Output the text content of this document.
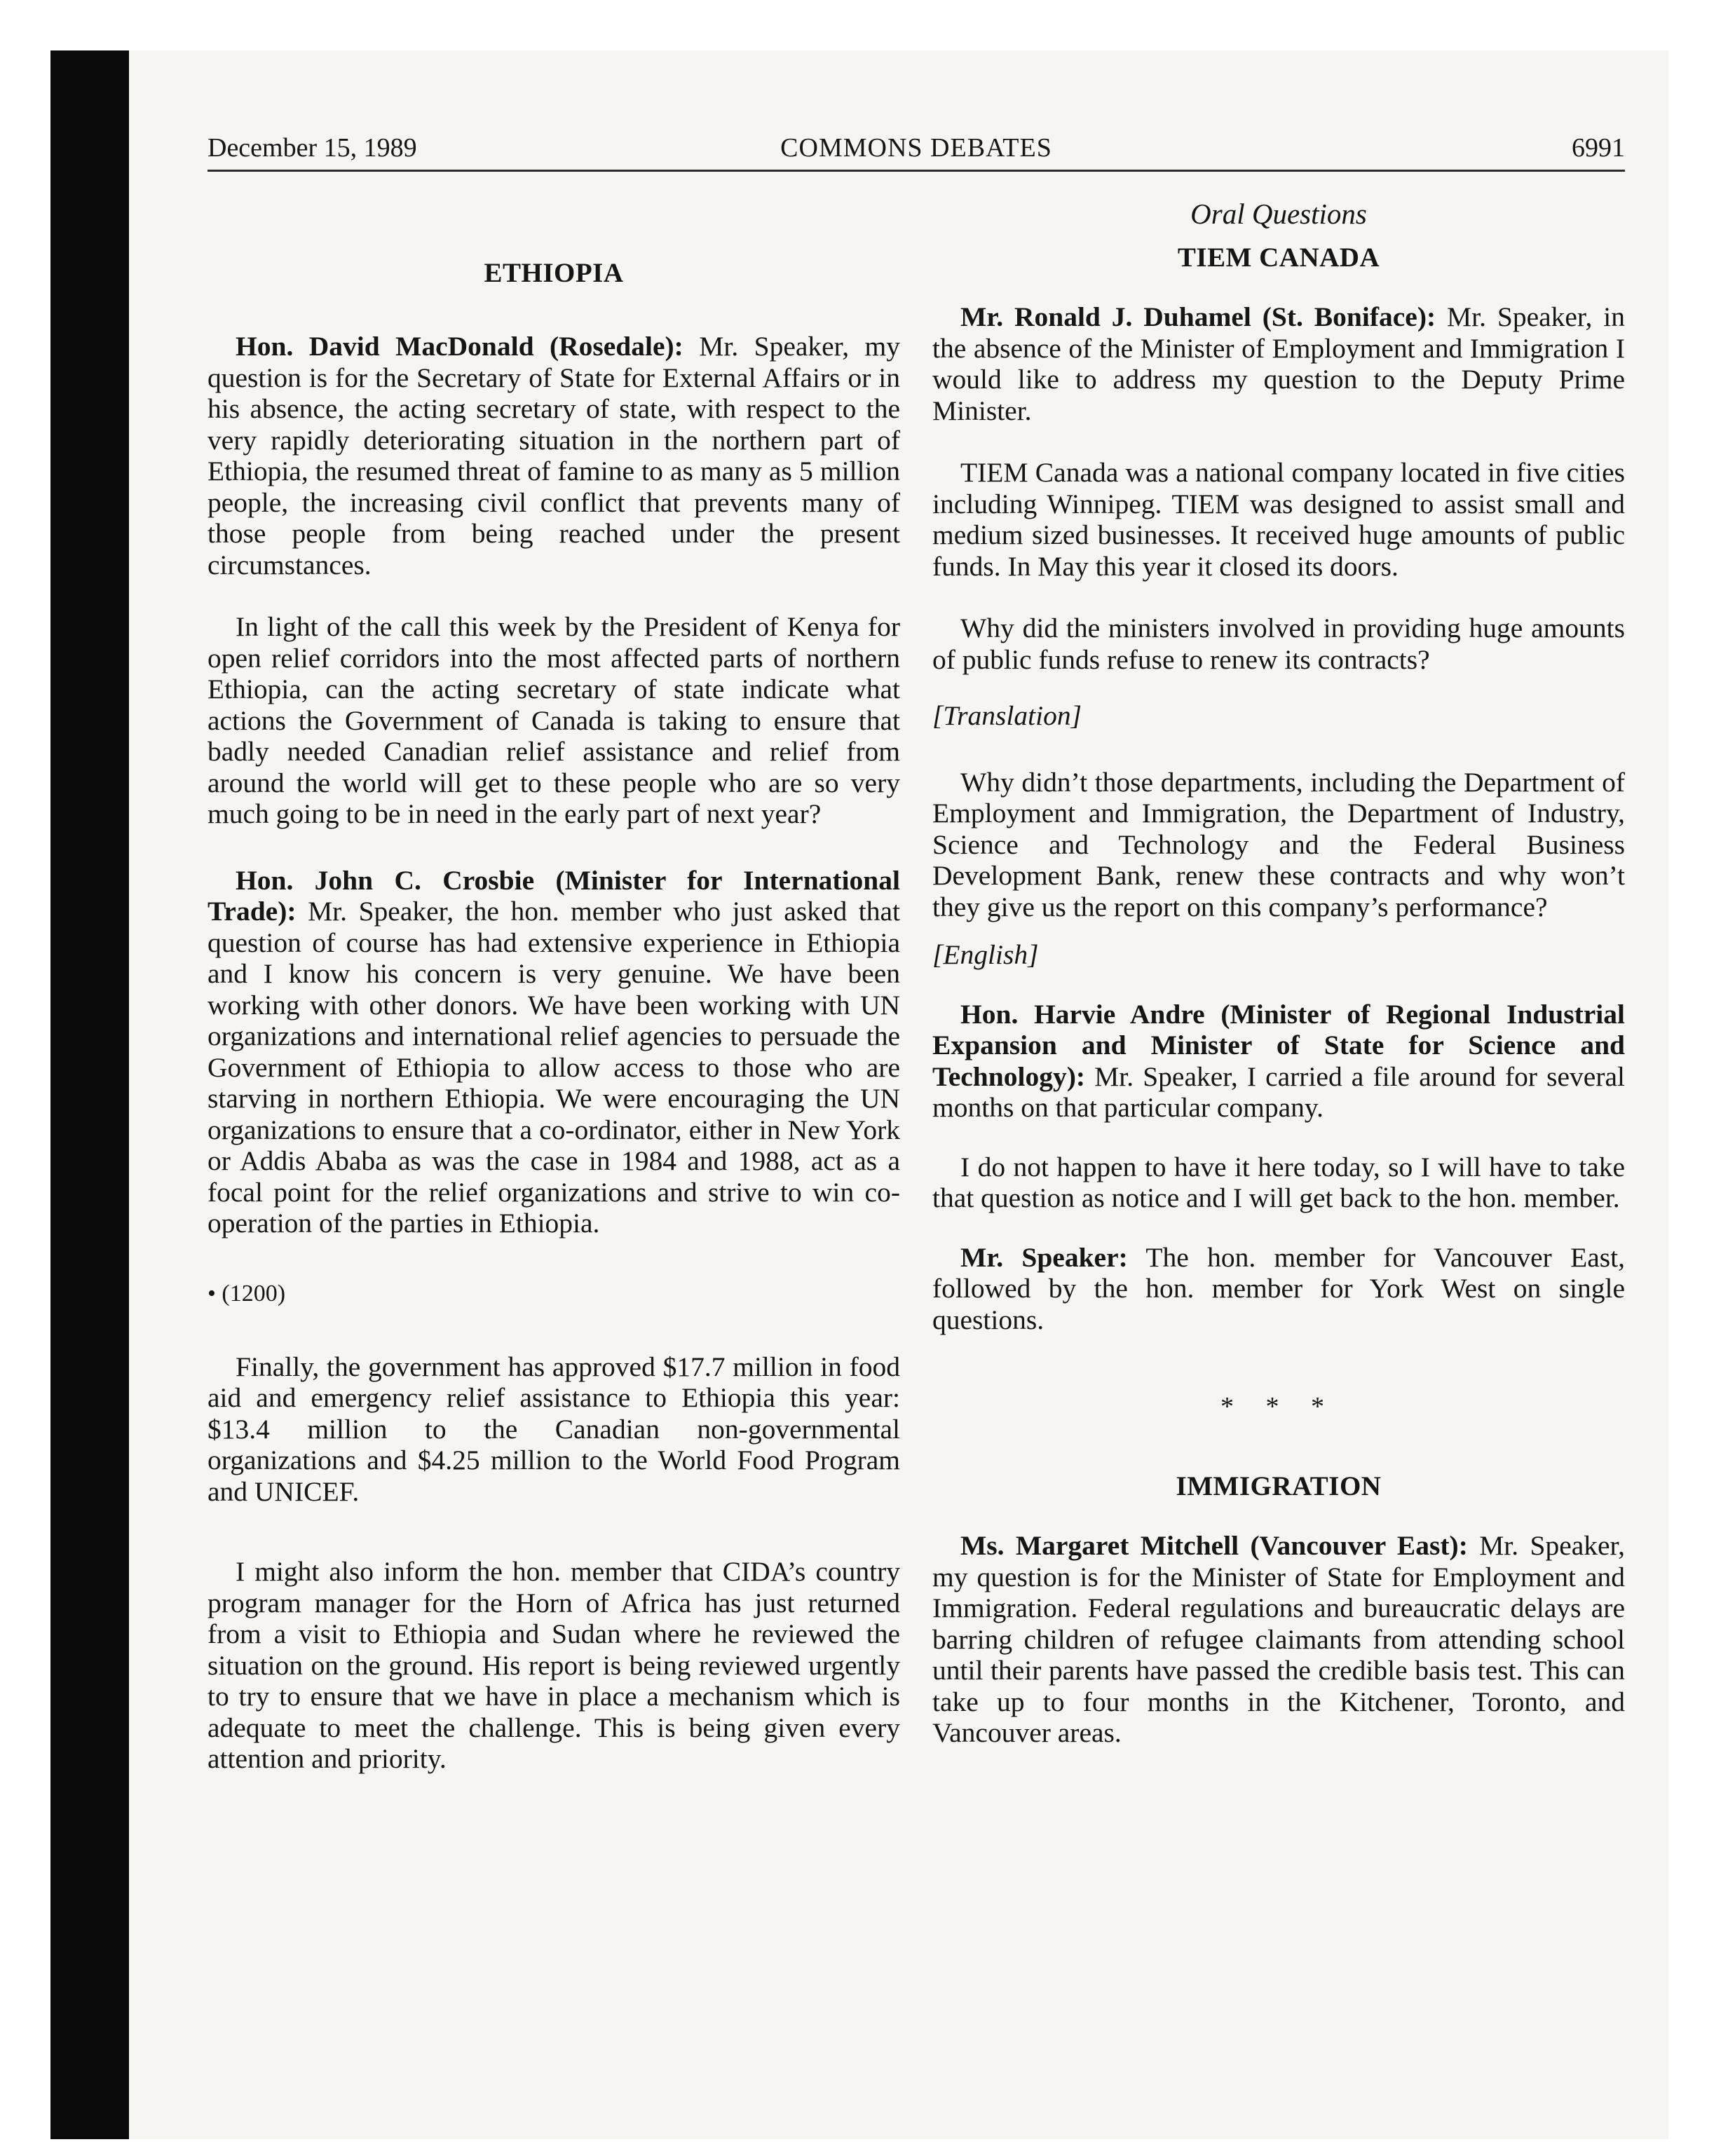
December 15, 1989	COMMONS DEBATES	6991
ETHIOPIA

Hon. David MacDonald (Rosedale): Mr. Speaker, my question is for the Secretary of State for External Affairs or in his absence, the acting secretary of state, with respect to the very rapidly deteriorating situation in the northern part of Ethiopia, the resumed threat of famine to as many as 5 million people, the increasing civil conflict that prevents many of those people from being reached under the present circumstances.

In light of the call this week by the President of Kenya for open relief corridors into the most affected parts of northern Ethiopia, can the acting secretary of state indicate what actions the Government of Canada is taking to ensure that badly needed Canadian relief assistance and relief from around the world will get to these people who are so very much going to be in need in the early part of next year?

Hon. John C. Crosbie (Minister for International Trade): Mr. Speaker, the hon. member who just asked that question of course has had extensive experience in Ethiopia and I know his concern is very genuine. We have been working with other donors. We have been working with UN organizations and international relief agencies to persuade the Government of Ethiopia to allow access to those who are starving in northern Ethiopia. We were encouraging the UN organizations to ensure that a co-ordinator, either in New York or Addis Ababa as was the case in 1984 and 1988, act as a focal point for the relief organizations and strive to win co-operation of the parties in Ethiopia.

• (1200)

Finally, the government has approved $17.7 million in food aid and emergency relief assistance to Ethiopia this year: $13.4 million to the Canadian non-governmental organizations and $4.25 million to the World Food Program and UNICEF.

I might also inform the hon. member that CIDA’s country program manager for the Horn of Africa has just returned from a visit to Ethiopia and Sudan where he reviewed the situation on the ground. His report is being reviewed urgently to try to ensure that we have in place a mechanism which is adequate to meet the challenge. This is being given every attention and priority.

Oral Questions
TIEM CANADA

Mr. Ronald J. Duhamel (St. Boniface): Mr. Speaker, in the absence of the Minister of Employment and Immigration I would like to address my question to the Deputy Prime Minister.

TIEM Canada was a national company located in five cities including Winnipeg. TIEM was designed to assist small and medium sized businesses. It received huge amounts of public funds. In May this year it closed its doors.

Why did the ministers involved in providing huge amounts of public funds refuse to renew its contracts?

[Translation]

Why didn’t those departments, including the Department of Employment and Immigration, the Department of Industry, Science and Technology and the Federal Business Development Bank, renew these contracts and why won’t they give us the report on this company’s performance?

[English]

Hon. Harvie Andre (Minister of Regional Industrial Expansion and Minister of State for Science and Technology): Mr. Speaker, I carried a file around for several months on that particular company.

I do not happen to have it here today, so I will have to take that question as notice and I will get back to the hon. member.

Mr. Speaker: The hon. member for Vancouver East, followed by the hon. member for York West on single questions.

* * *
IMMIGRATION

Ms. Margaret Mitchell (Vancouver East): Mr. Speaker, my question is for the Minister of State for Employment and Immigration. Federal regulations and bureaucratic delays are barring children of refugee claimants from attending school until their parents have passed the credible basis test. This can take up to four months in the Kitchener, Toronto, and Vancouver areas.
